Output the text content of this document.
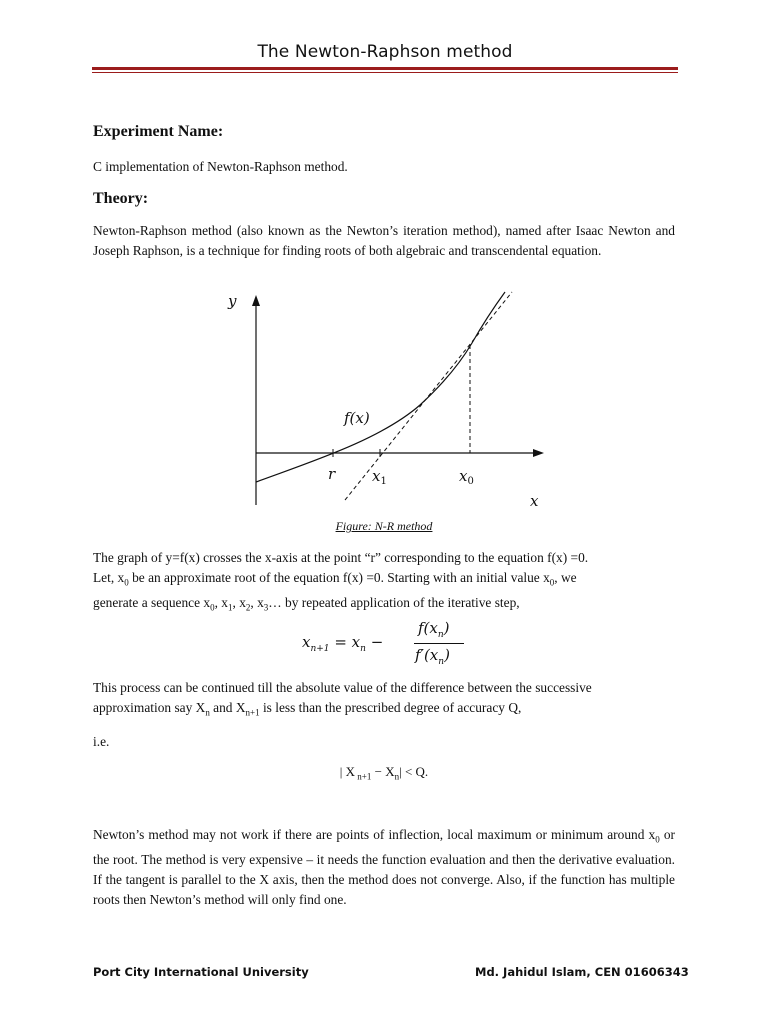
The Newton-Raphson method
Experiment Name:
C implementation of Newton-Raphson method.
Theory:
Newton-Raphson method (also known as the Newton’s iteration method), named after Isaac Newton and Joseph Raphson, is a technique for finding roots of both algebraic and transcendental equation.
y
x
f(x)
r $x_1$	$x_0$
Figure: N-R method
The graph of y=f(x) crosses the x-axis at the point “r” corresponding to the equation f(x) =0.
Let, $x_0$ be an approximate root of the equation f(x) =0. Starting with an initial value $x_0$, we
generate a sequence $x_0$, $x_1$, $x_2$, $x_3\dots$ by repeated application of the iterative step,
$x_{n+1} = x_n$ −
$f(x_n)$
$f'(x_n)$
This process can be continued till the absolute value of the difference between the successive
approximation say $X_n$ and $X_{n+1}$ is less than the prescribed degree of accuracy Q,
i.e.
| X $_{n+1} - X_n| < Q$.
Newton’s method may not work if there are points of inflection, local maximum or minimum around $x_0$ or the root. The method is very expensive – it needs the function evaluation and then the derivative evaluation. If the tangent is parallel to the X axis, then the method does not converge. Also, if the function has multiple roots then Newton’s method will only find one.
Port City International University	Md. Jahidul Islam, CEN 01606343
